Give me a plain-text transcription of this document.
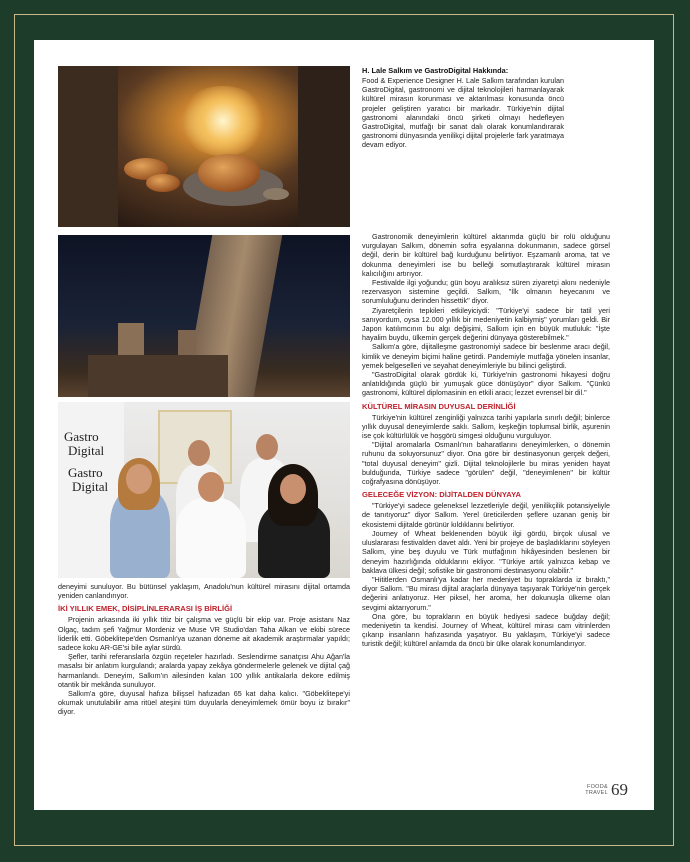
H. Lale Salkım ve GastroDigital Hakkında:

Food & Experience Designer H. Lale Salkım tarafından kurulan GastroDigital, gastronomi ve dijital teknolojileri harmanlayarak kültürel mirasın korunması ve aktarılması konusunda öncü projeler geliştiren yaratıcı bir markadır. Türkiye'nin dijital gastronomi alanındaki öncü şirketi olmayı hedefleyen GastroDigital, mutfağı bir sanat dalı olarak konumlandırarak gastronomi dünyasında yenilikçi dijital projelerle fark yaratmaya devam ediyor.

Gastro
Digital
Gastro
Digital

Gastronomik deneyimlerin kültürel aktarımda güçlü bir rolü olduğunu vurgulayan Salkım, dönemin sofra eşyalarına dokunmanın, sadece görsel değil, derin bir kültürel bağ kurduğunu belirtiyor. Eşzamanlı aroma, tat ve dokunma deneyimleri ise bu belleği somutlaştırarak kültürel mirasın kalıcılığını artırıyor.

Festivalde ilgi yoğundu; gün boyu aralıksız süren ziyaretçi akını nedeniyle rezervasyon sistemine geçildi. Salkım, "İlk olmanın heyecanını ve sorumluluğunu derinden hissettik" diyor.

Ziyaretçilerin tepkileri etkileyiciydi: "Türkiye'yi sadece bir tatil yeri sanıyordum, oysa 12.000 yıllık bir medeniyetin kalbiymiş" yorumları geldi. Bir Japon katılımcının bu algı değişimi, Salkım için en büyük mutluluk: "İşte hayalim buydu, ülkemin gerçek değerini dünyaya gösterebilmek."

Salkım'a göre, dijitalleşme gastronomiyi sadece bir beslenme aracı değil, kimlik ve deneyim biçimi haline getirdi. Pandemiyle mutfağa yönelen insanlar, yemek belgeselleri ve seyahat deneyimleriyle bu bilinci geliştirdi.

"GastroDigital olarak gördük ki, Türkiye'nin gastronomi hikayesi doğru anlatıldığında güçlü bir yumuşak güce dönüşüyor" diyor Salkım. "Çünkü gastronomi, kültürel diplomasinin en etkili aracı; lezzet evrensel bir dil."

KÜLTÜREL MİRASIN DUYUSAL DERİNLİĞİ

Türkiye'nin kültürel zenginliği yalnızca tarihi yapılarla sınırlı değil; binlerce yıllık duyusal deneyimlerde saklı. Salkım, keşkeğin toplumsal birlik, aşurenin ise çok kültürlülük ve hoşgörü simgesi olduğunu vurguluyor.

"Dijital aromalarla Osmanlı'nın baharatlarını deneyimlerken, o dönemin ruhunu da soluyorsunuz" diyor. Ona göre bir destinasyonun gerçek değeri, "total duyusal deneyim" gizli. Dijital teknolojilerle bu miras yeniden hayat bulduğunda, Türkiye sadece "görülen" değil, "deneyimlenen" bir kültür coğrafyasına dönüşüyor.

GELECEĞE VİZYON: DİJİTALDEN DÜNYAYA

"Türkiye'yi sadece geleneksel lezzetleriyle değil, yenilikçilik potansiyeliyle de tanıtıyoruz" diyor Salkım. Yerel üreticilerden şeflere uzanan geniş bir ekosistemi dijitalde görünür kıldıklarını belirtiyor.

Journey of Wheat beklenenden büyük ilgi gördü, birçok ulusal ve uluslararası festivalden davet aldı. Yeni bir projeye de başladıklarını söyleyen Salkım, yine beş duyulu ve Türk mutfağının hikâyesinden beslenen bir deneyim hazırlığında olduklarını ekliyor. "Türkiye artık yalnızca kebap ve baklava ülkesi değil; sofistike bir gastronomi destinasyonu olabilir."

"Hititlerden Osmanlı'ya kadar her medeniyet bu topraklarda iz bıraktı," diyor Salkım. "Bu mirası dijital araçlarla dünyaya taşıyarak Türkiye'nin gerçek değerini anlatıyoruz. Her piksel, her aroma, her dokunuşla ülkeme olan sevgimi aktarıyorum."

Ona göre, bu toprakların en büyük hediyesi sadece buğday değil; medeniyetin ta kendisi. Journey of Wheat, kültürel mirası cam vitrinlerden çıkarıp insanların hafızasında yaşatıyor. Bu yaklaşım, Türkiye'yi sadece turistik değil; kültürel anlamda da öncü bir ülke olarak konumlandırıyor.

deneyimi sunuluyor. Bu bütünsel yaklaşım, Anadolu'nun kültürel mirasını dijital ortamda yeniden canlandırıyor.

İKİ YILLIK EMEK, DİSİPLİNLERARASI İŞ BİRLİĞİ

Projenin arkasında iki yıllık titiz bir çalışma ve güçlü bir ekip var. Proje asistanı Naz Olgaç, tadım şefi Yağmur Mordeniz ve Muse VR Studio'dan Taha Alkan ve ekibi sürece liderlik etti. Göbeklitepe'den Osmanlı'ya uzanan döneme ait akademik araştırmalar yapıldı; sadece koku AR-GE'si bile aylar sürdü.

Şefler, tarihi referanslarla özgün reçeteler hazırladı. Seslendirme sanatçısı Ahu Ağan'la masalsı bir anlatım kurgulandı; aralarda yapay zekâya göndermelerle gelenek ve dijital çağ harmanlandı. Deneyim, Salkım'ın ailesinden kalan 100 yıllık antikalarla dekore edilmiş otantik bir mekânda sunuluyor.

Salkım'a göre, duyusal hafıza bilişsel hafızadan 65 kat daha kalıcı. "Göbeklitepe'yi okumak unutulabilir ama ritüel ateşini tüm duyularla deneyimlemek ömür boyu iz bırakır" diyor.

FOOD&
TRAVEL 69
